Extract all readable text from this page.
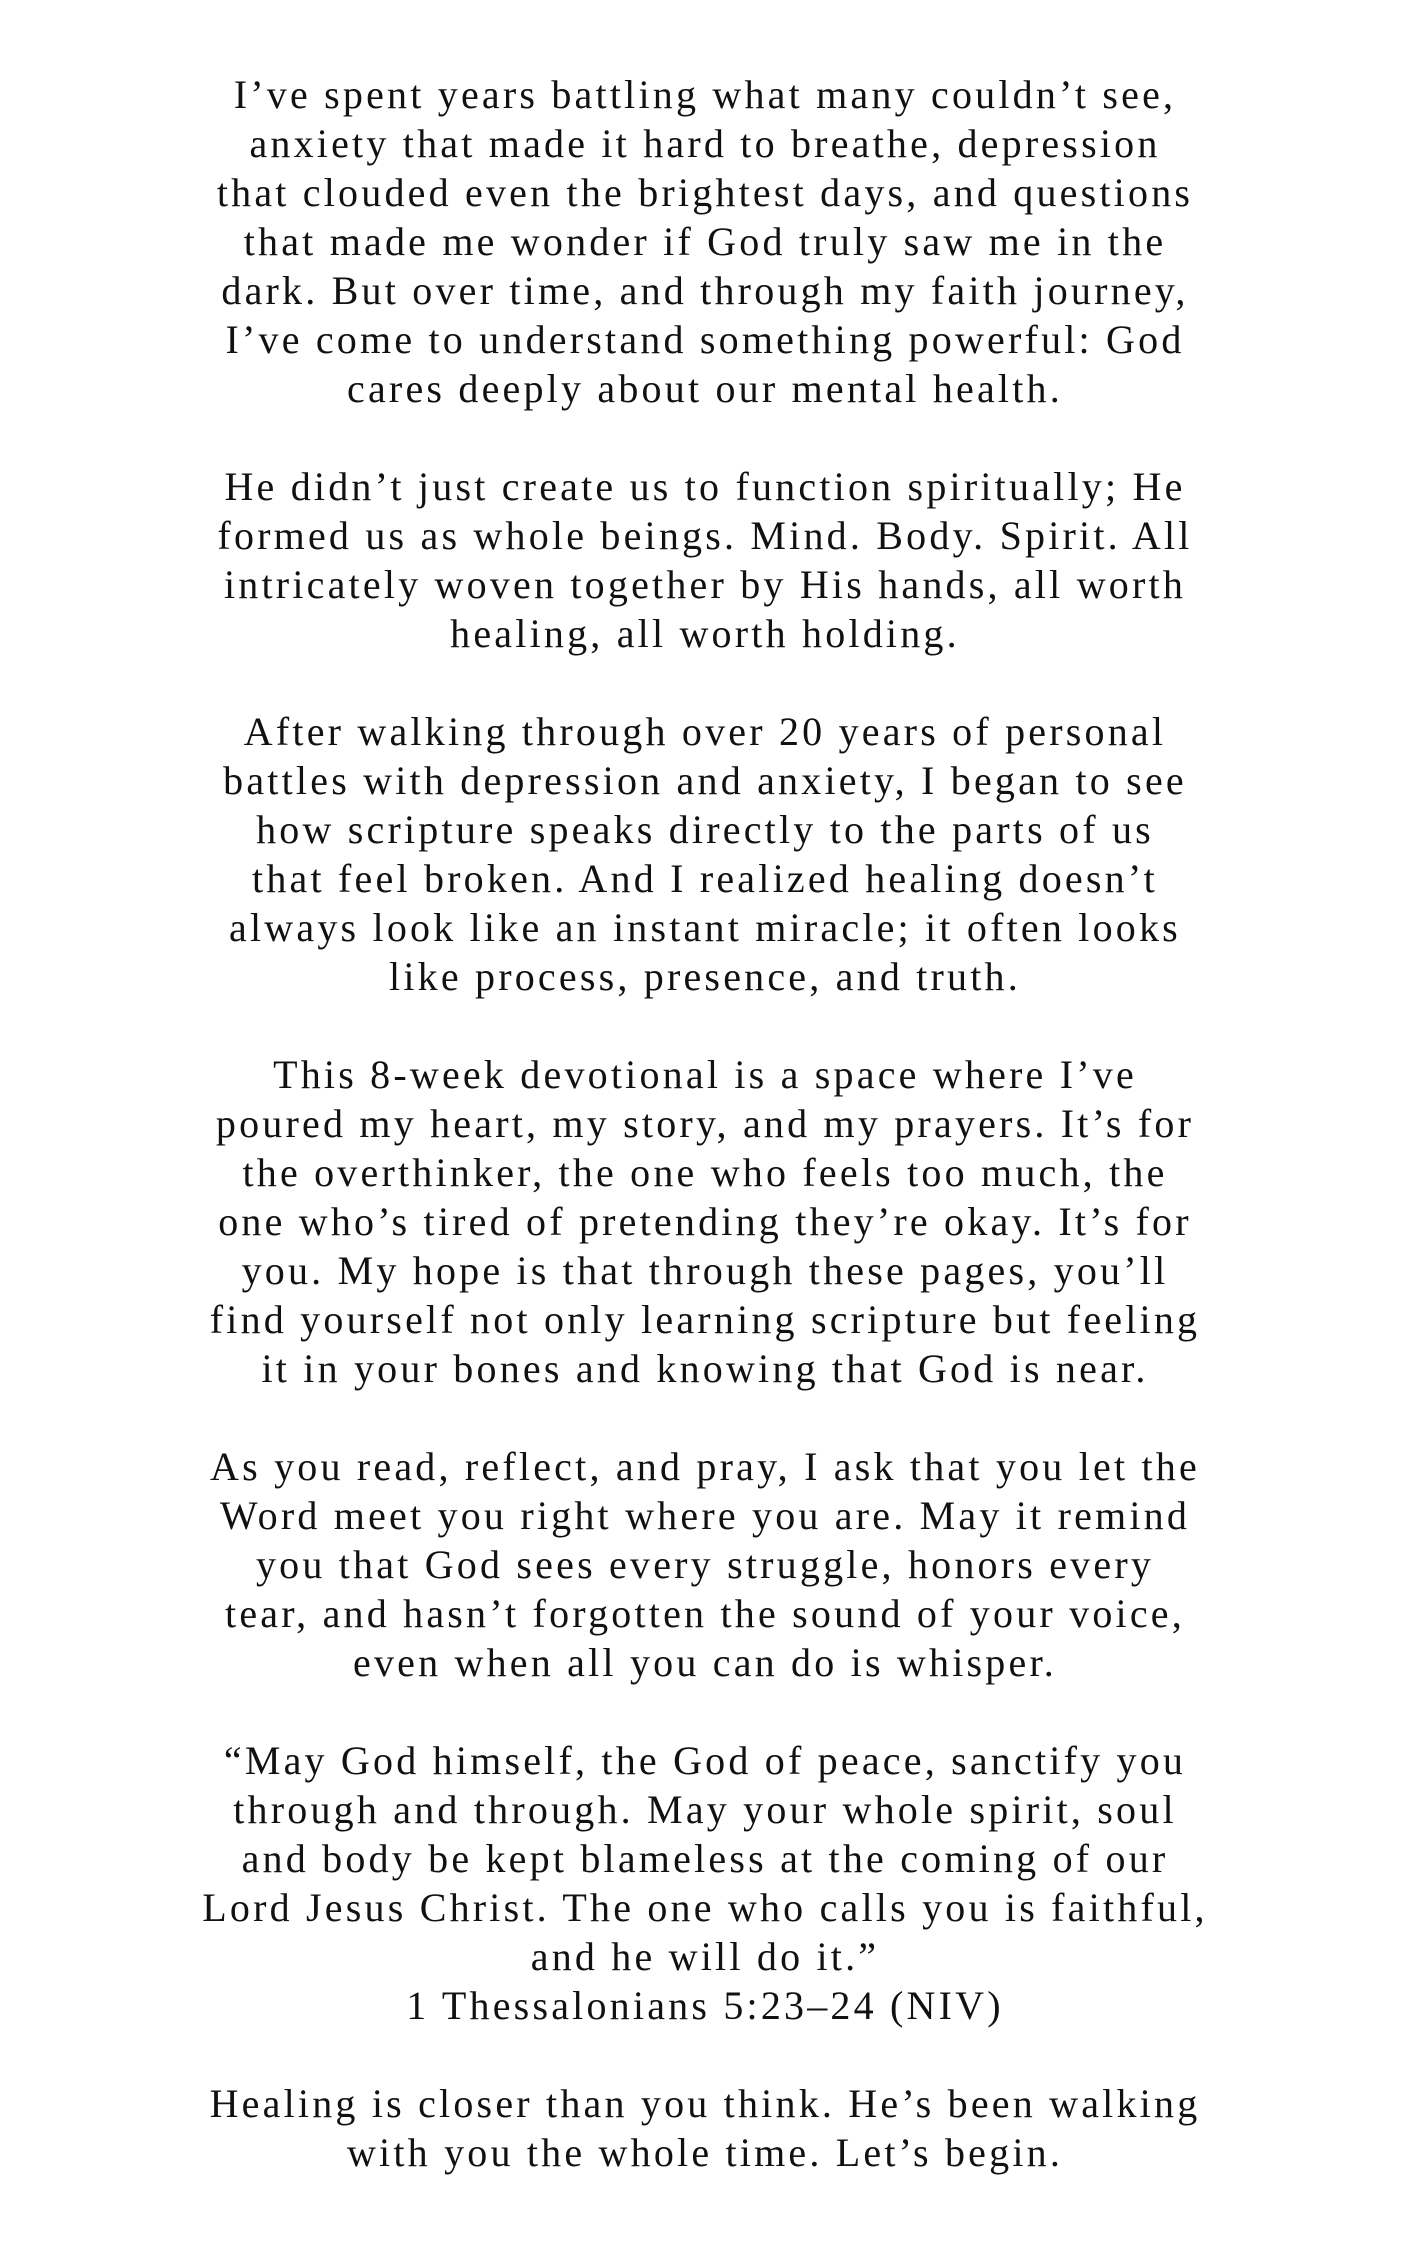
I’ve spent years battling what many couldn’t see,
anxiety that made it hard to breathe, depression
that clouded even the brightest days, and questions
that made me wonder if God truly saw me in the
dark. But over time, and through my faith journey,
I’ve come to understand something powerful: God
cares deeply about our mental health.

He didn’t just create us to function spiritually; He
formed us as whole beings. Mind. Body. Spirit. All
intricately woven together by His hands, all worth
healing, all worth holding.

After walking through over 20 years of personal
battles with depression and anxiety, I began to see
how scripture speaks directly to the parts of us
that feel broken. And I realized healing doesn’t
always look like an instant miracle; it often looks
like process, presence, and truth.

This 8-week devotional is a space where I’ve
poured my heart, my story, and my prayers. It’s for
the overthinker, the one who feels too much, the
one who’s tired of pretending they’re okay. It’s for
you. My hope is that through these pages, you’ll
find yourself not only learning scripture but feeling
it in your bones and knowing that God is near.

As you read, reflect, and pray, I ask that you let the
Word meet you right where you are. May it remind
you that God sees every struggle, honors every
tear, and hasn’t forgotten the sound of your voice,
even when all you can do is whisper.

“May God himself, the God of peace, sanctify you
through and through. May your whole spirit, soul
and body be kept blameless at the coming of our
Lord Jesus Christ. The one who calls you is faithful,
and he will do it.”
1 Thessalonians 5:23–24 (NIV)

Healing is closer than you think. He’s been walking
with you the whole time. Let’s begin.
